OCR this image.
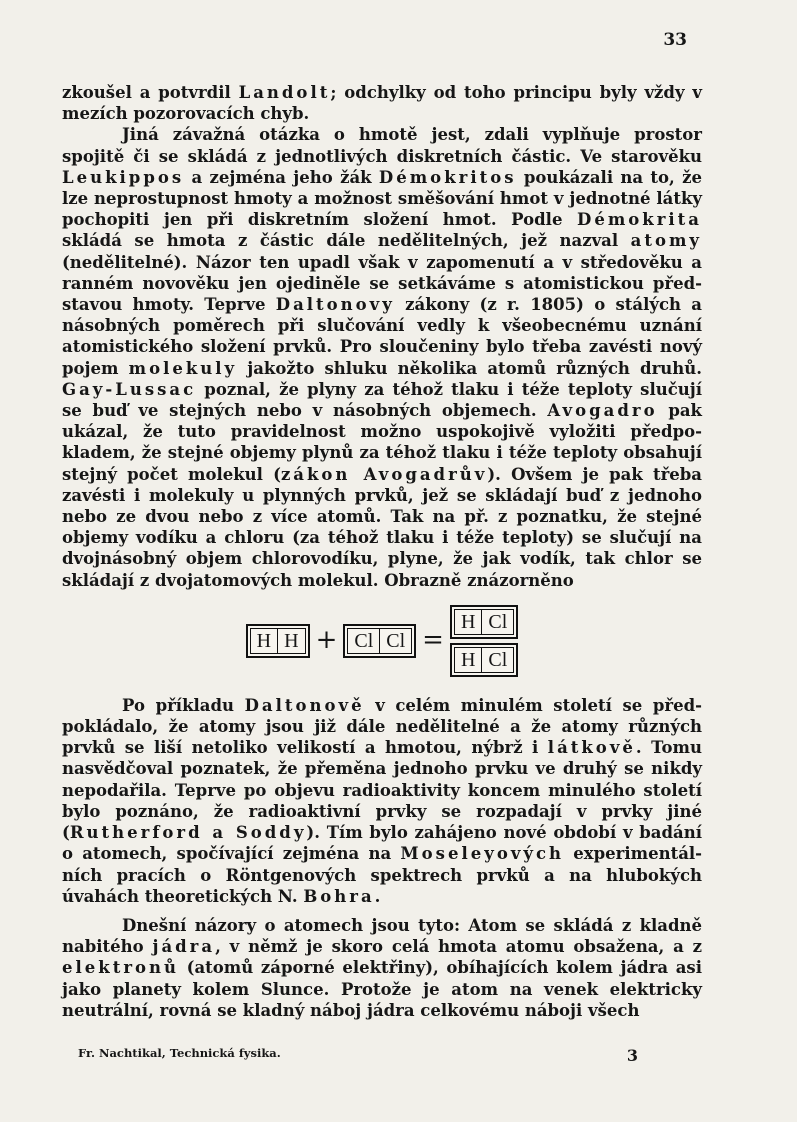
33

zkoušel a potvrdil Landolt; odchylky od toho principu byly vždy v mezích pozorovacích chyb.

Jiná závažná otázka o hmotě jest, zdali vyplňuje prostor spojitě či se skládá z jednotlivých diskretních částic. Ve starověku Leukippos a zejména jeho žák Démokritos poukázali na to, že lze neprostupnost hmoty a možnost směšování hmot v jednotné látky pochopiti jen při diskretním složení hmot. Podle Démokrita skládá se hmota z částic dále nedělitelných, jež nazval atomy (nedělitelné). Názor ten upadl však v zapomenutí a v středověku a ranném novověku jen ojediněle se setkáváme s atomistickou představou hmoty. Teprve Daltonovy zákony (z r. 1805) o stálých a násobných poměrech při slučování vedly k všeobecnému uznání atomistického složení prvků. Pro sloučeniny bylo třeba zavésti nový pojem molekuly jakožto shluku několika atomů různých druhů. Gay-Lussac poznal, že plyny za téhož tlaku i téže teploty slučují se buď ve stejných nebo v násobných objemech. Avogadro pak ukázal, že tuto pravidelnost možno uspokojivě vyložiti předpokladem, že stejné objemy plynů za téhož tlaku i téže teploty obsahují stejný počet molekul (zákon Avogadrův). Ovšem je pak třeba zavésti i molekuly u plynných prvků, jež se skládají buď z jednoho nebo ze dvou nebo z více atomů. Tak na př. z poznatku, že stejné objemy vodíku a chloru (za téhož tlaku i téže teploty) se slučují na dvojnásobný objem chlorovodíku, plyne, že jak vodík, tak chlor se skládají z dvojatomových molekul. Obrazně znázorněno

H H + Cl Cl =
H Cl
H Cl

Po příkladu Daltonově v celém minulém století se předpokládalo, že atomy jsou již dále nedělitelné a že atomy různých prvků se liší netoliko velikostí a hmotou, nýbrž i látkově. Tomu nasvědčoval poznatek, že přeměna jednoho prvku ve druhý se nikdy nepodařila. Teprve po objevu radioaktivity koncem minulého století bylo poznáno, že radioaktivní prvky se rozpadají v prvky jiné (Rutherford a Soddy). Tím bylo zahájeno nové období v badání o atomech, spočívající zejména na Moseleyových experimentálních pracích o Röntgenových spektrech prvků a na hlubokých úvahách theoretických N. Bohra.

Dnešní názory o atomech jsou tyto: Atom se skládá z kladně nabitého jádra, v němž je skoro celá hmota atomu obsažena, a z elektronů (atomů záporné elektřiny), obíhajících kolem jádra asi jako planety kolem Slunce. Protože je atom na venek elektricky neutrální, rovná se kladný náboj jádra celkovému náboji všech

Fr. Nachtikal, Technická fysika.	3
